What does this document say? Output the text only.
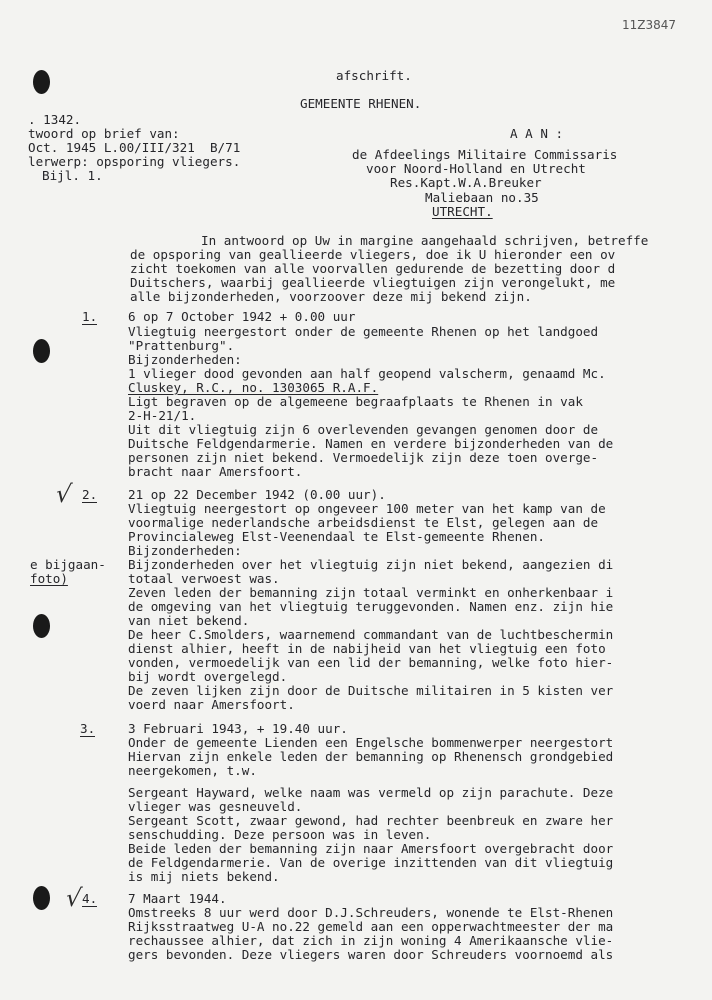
11Z3847
afschrift.
GEMEENTE RHENEN.
. 1342.
twoord op brief van:
Oct. 1945 L.00/III/321  B/71
lerwerp: opsporing vliegers.
Bijl. 1.
A A N :
de Afdeelings Militaire Commissaris
voor Noord-Holland en Utrecht
Res.Kapt.W.A.Breuker
Maliebaan no.35
UTRECHT.
In antwoord op Uw in margine aangehaald schrijven, betreffe
de opsporing van geallieerde vliegers, doe ik U hieronder een ov
zicht toekomen van alle voorvallen gedurende de bezetting door d
Duitschers, waarbij geallieerde vliegtuigen zijn verongelukt, me
alle bijzonderheden, voorzoover deze mij bekend zijn.
1. 6 op 7 October 1942 + 0.00 uur
Vliegtuig neergestort onder de gemeente Rhenen op het landgoed
"Prattenburg".
Bijzonderheden:
1 vlieger dood gevonden aan half geopend valscherm, genaamd Mc.
Cluskey, R.C., no. 1303065 R.A.F.
Ligt begraven op de algemeene begraafplaats te Rhenen in vak
2-H-21/1.
Uit dit vliegtuig zijn 6 overlevenden gevangen genomen door de
Duitsche Feldgendarmerie. Namen en verdere bijzonderheden van de
personen zijn niet bekend. Vermoedelijk zijn deze toen overge-
bracht naar Amersfoort.
√ 2. 21 op 22 December 1942 (0.00 uur).
Vliegtuig neergestort op ongeveer 100 meter van het kamp van de
voormalige nederlandsche arbeidsdienst te Elst, gelegen aan de
Provincialeweg Elst-Veenendaal te Elst-gemeente Rhenen.
Bijzonderheden:
e bijgaan-
foto)
Bijzonderheden over het vliegtuig zijn niet bekend, aangezien di
totaal verwoest was.
Zeven leden der bemanning zijn totaal verminkt en onherkenbaar i
de omgeving van het vliegtuig teruggevonden. Namen enz. zijn hie
van niet bekend.
De heer C.Smolders, waarnemend commandant van de luchtbeschermin
dienst alhier, heeft in de nabijheid van het vliegtuig een foto
vonden, vermoedelijk van een lid der bemanning, welke foto hier-
bij wordt overgelegd.
De zeven lijken zijn door de Duitsche militairen in 5 kisten ver
voerd naar Amersfoort.
3.	3 Februari 1943, + 19.40 uur.
Onder de gemeente Lienden een Engelsche bommenwerper neergestort
Hiervan zijn enkele leden der bemanning op Rhenensch grondgebied
neergekomen, t.w.
Sergeant Hayward, welke naam was vermeld op zijn parachute. Deze
vlieger was gesneuveld.
Sergeant Scott, zwaar gewond, had rechter beenbreuk en zware her
senschudding. Deze persoon was in leven.
Beide leden der bemanning zijn naar Amersfoort overgebracht door
de Feldgendarmerie. Van de overige inzittenden van dit vliegtuig
is mij niets bekend.
√
4. 7 Maart 1944.
Omstreeks 8 uur werd door D.J.Schreuders, wonende te Elst-Rhenen
Rijksstraatweg U-A no.22 gemeld aan een opperwachtmeester der ma
rechaussee alhier, dat zich in zijn woning 4 Amerikaansche vlie-
gers bevonden. Deze vliegers waren door Schreuders voornoemd als
